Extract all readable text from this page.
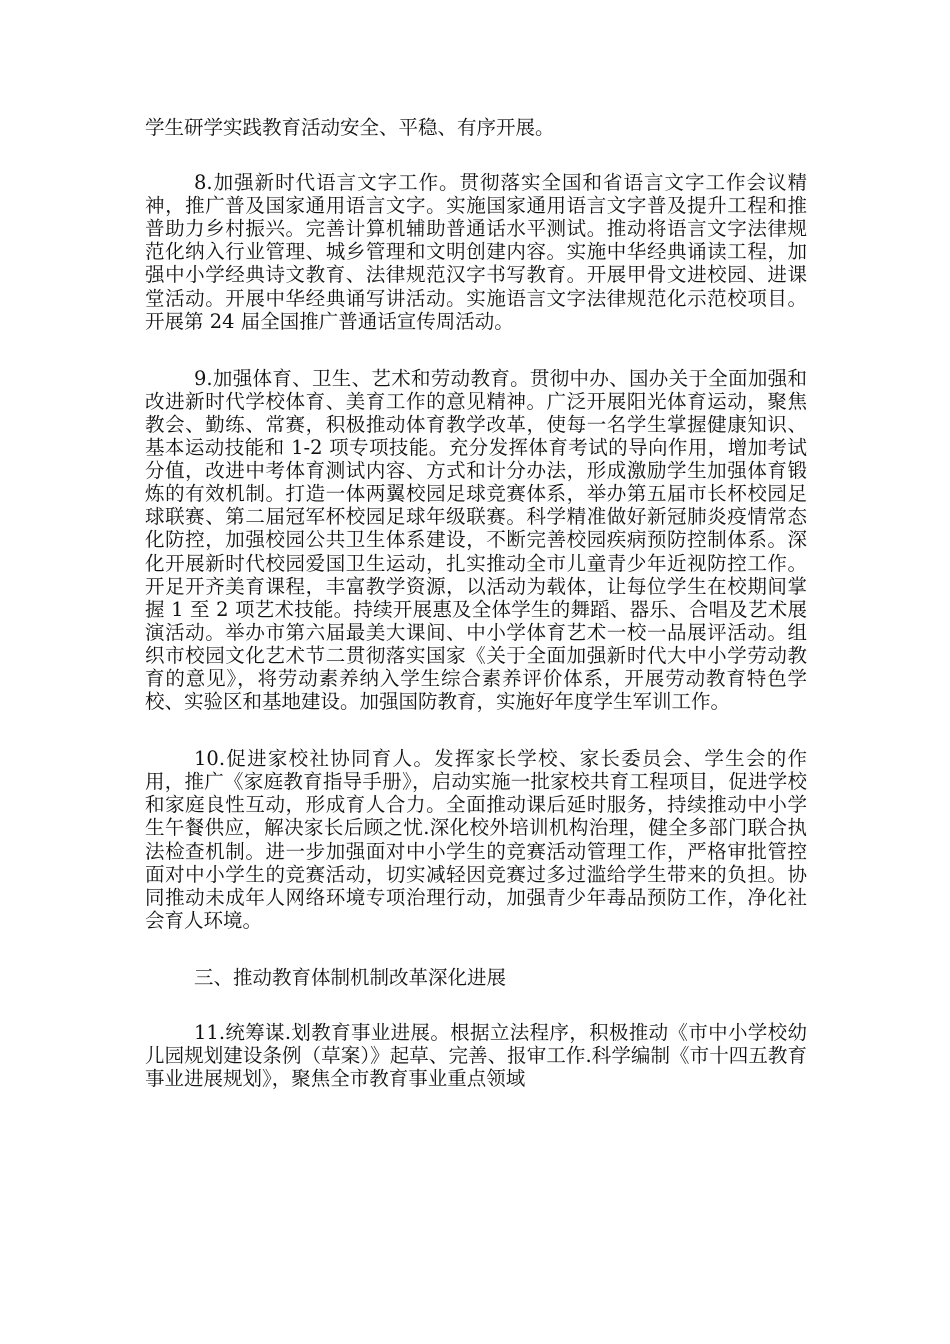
学生研学实践教育活动安全、平稳、有序开展。

8.加强新时代语言文字工作。贯彻落实全国和省语言文字工作会议精神，推广普及国家通用语言文字。实施国家通用语言文字普及提升工程和推普助力乡村振兴。完善计算机辅助普通话水平测试。推动将语言文字法律规范化纳入行业管理、城乡管理和文明创建内容。实施中华经典诵读工程，加强中小学经典诗文教育、法律规范汉字书写教育。开展甲骨文进校园、进课堂活动。开展中华经典诵写讲活动。实施语言文字法律规范化示范校项目。开展第 24 届全国推广普通话宣传周活动。

9.加强体育、卫生、艺术和劳动教育。贯彻中办、国办关于全面加强和改进新时代学校体育、美育工作的意见精神。广泛开展阳光体育运动，聚焦教会、勤练、常赛，积极推动体育教学改革，使每一名学生掌握健康知识、基本运动技能和 1-2 项专项技能。充分发挥体育考试的导向作用，增加考试分值，改进中考体育测试内容、方式和计分办法，形成激励学生加强体育锻炼的有效机制。打造一体两翼校园足球竞赛体系，举办第五届市长杯校园足球联赛、第二届冠军杯校园足球年级联赛。科学精准做好新冠肺炎疫情常态化防控，加强校园公共卫生体系建设，不断完善校园疾病预防控制体系。深化开展新时代校园爱国卫生运动，扎实推动全市儿童青少年近视防控工作。开足开齐美育课程，丰富教学资源，以活动为载体，让每位学生在校期间掌握 1 至 2 项艺术技能。持续开展惠及全体学生的舞蹈、器乐、合唱及艺术展演活动。举办市第六届最美大课间、中小学体育艺术一校一品展评活动。组织市校园文化艺术节二贯彻落实国家《关于全面加强新时代大中小学劳动教育的意见》，将劳动素养纳入学生综合素养评价体系，开展劳动教育特色学校、实验区和基地建设。加强国防教育，实施好年度学生军训工作。

10.促进家校社协同育人。发挥家长学校、家长委员会、学生会的作用，推广《家庭教育指导手册》，启动实施一批家校共育工程项目，促进学校和家庭良性互动，形成育人合力。全面推动课后延时服务，持续推动中小学生午餐供应，解决家长后顾之忧.深化校外培训机构治理，健全多部门联合执法检查机制。进一步加强面对中小学生的竞赛活动管理工作，严格审批管控面对中小学生的竞赛活动，切实减轻因竞赛过多过滥给学生带来的负担。协同推动未成年人网络环境专项治理行动，加强青少年毒品预防工作，净化社会育人环境。

三、推动教育体制机制改革深化进展

11.统筹谋.划教育事业进展。根据立法程序，积极推动《市中小学校幼儿园规划建设条例（草案）》起草、完善、报审工作.科学编制《市十四五教育事业进展规划》，聚焦全市教育事业重点领域
